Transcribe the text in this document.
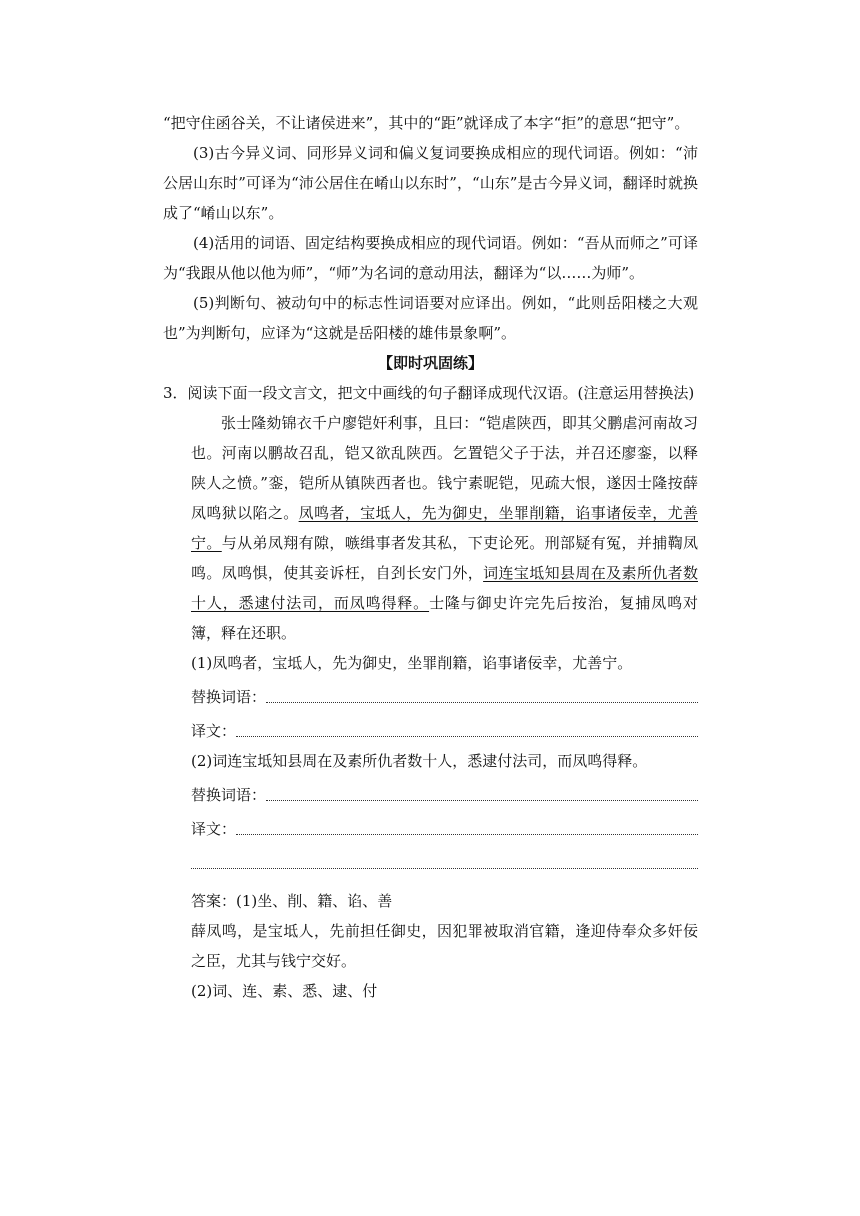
“把守住函谷关，不让诸侯进来”，其中的“距”就译成了本字“拒”的意思“把守”。

(3)古今异义词、同形异义词和偏义复词要换成相应的现代词语。例如：“沛公居山东时”可译为“沛公居住在崤山以东时”，“山东”是古今异义词，翻译时就换成了“崤山以东”。

(4)活用的词语、固定结构要换成相应的现代词语。例如：“吾从而师之”可译为“我跟从他以他为师”，“师”为名词的意动用法，翻译为“以……为师”。

(5)判断句、被动句中的标志性词语要对应译出。例如，“此则岳阳楼之大观也”为判断句，应译为“这就是岳阳楼的雄伟景象啊”。

【即时巩固练】

3．阅读下面一段文言文，把文中画线的句子翻译成现代汉语。(注意运用替换法)

张士隆劾锦衣千户廖铠奸利事，且曰：“铠虐陕西，即其父鹏虐河南故习也。河南以鹏故召乱，铠又欲乱陕西。乞置铠父子于法，并召还廖銮，以释陕人之愤。”銮，铠所从镇陕西者也。钱宁素昵铠，见疏大恨，遂因士隆按薛凤鸣狱以陷之。凤鸣者，宝坻人，先为御史，坐罪削籍，谄事诸佞幸，尤善宁。与从弟凤翔有隙，嗾缉事者发其私，下吏论死。刑部疑有冤，并捕鞫凤鸣。凤鸣惧，使其妾诉枉，自刭长安门外，词连宝坻知县周在及素所仇者数十人，悉逮付法司，而凤鸣得释。士隆与御史许完先后按治，复捕凤鸣对簿，释在还职。

(1)凤鸣者，宝坻人，先为御史，坐罪削籍，谄事诸佞幸，尤善宁。

替换词语：
译文：

(2)词连宝坻知县周在及素所仇者数十人，悉逮付法司，而凤鸣得释。

替换词语：
译文：

答案：(1)坐、削、籍、谄、善

薛凤鸣，是宝坻人，先前担任御史，因犯罪被取消官籍，逢迎侍奉众多奸佞之臣，尤其与钱宁交好。

(2)词、连、素、悉、逮、付
